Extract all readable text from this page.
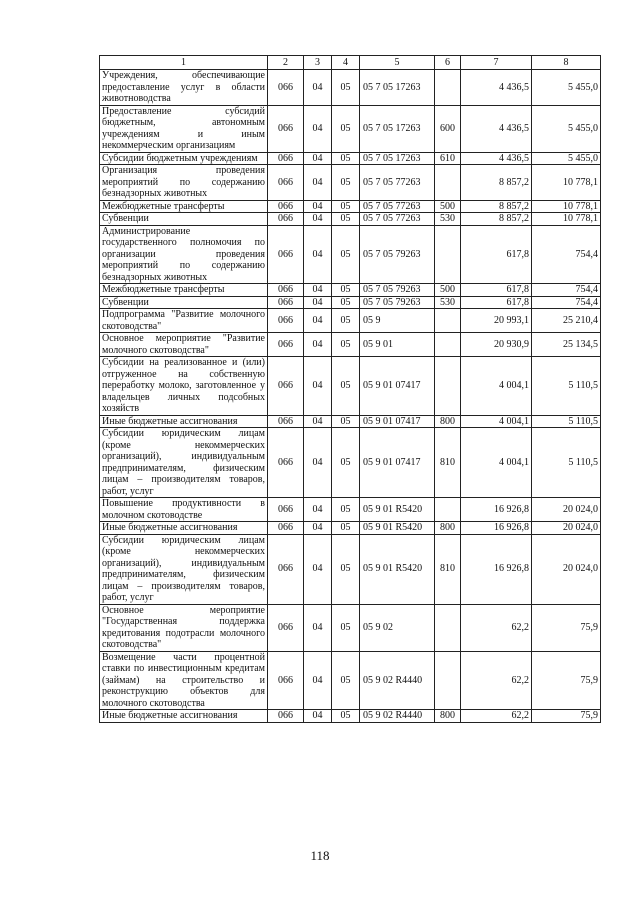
1	2	3	4	5	6	7	8
Учреждения, обеспечивающие предоставление услуг в области животноводства	066	04	05	05 7 05 17263		4 436,5	5 455,0
Предоставление субсидий бюджетным, автономным учреждениям и иным некоммерческим организациям	066	04	05	05 7 05 17263	600	4 436,5	5 455,0
Субсидии бюджетным учреждениям	066	04	05	05 7 05 17263	610	4 436,5	5 455,0
Организация проведения мероприятий по содержанию безнадзорных животных	066	04	05	05 7 05 77263		8 857,2	10 778,1
Межбюджетные трансферты	066	04	05	05 7 05 77263	500	8 857,2	10 778,1
Субвенции	066	04	05	05 7 05 77263	530	8 857,2	10 778,1
Администрирование государственного полномочия по организации проведения мероприятий по содержанию безнадзорных животных	066	04	05	05 7 05 79263		617,8	754,4
Межбюджетные трансферты	066	04	05	05 7 05 79263	500	617,8	754,4
Субвенции	066	04	05	05 7 05 79263	530	617,8	754,4
Подпрограмма "Развитие молочного скотоводства"	066	04	05	05 9		20 993,1	25 210,4
Основное мероприятие "Развитие молочного скотоводства"	066	04	05	05 9 01		20 930,9	25 134,5
Субсидии на реализованное и (или) отгруженное на собственную переработку молоко, заготовленное у владельцев личных подсобных хозяйств	066	04	05	05 9 01 07417		4 004,1	5 110,5
Иные бюджетные ассигнования	066	04	05	05 9 01 07417	800	4 004,1	5 110,5
Субсидии юридическим лицам (кроме некоммерческих организаций), индивидуальным предпринимателям, физическим лицам – производителям товаров, работ, услуг	066	04	05	05 9 01 07417	810	4 004,1	5 110,5
Повышение продуктивности в молочном скотоводстве	066	04	05	05 9 01 R5420		16 926,8	20 024,0
Иные бюджетные ассигнования	066	04	05	05 9 01 R5420	800	16 926,8	20 024,0
Субсидии юридическим лицам (кроме некоммерческих организаций), индивидуальным предпринимателям, физическим лицам – производителям товаров, работ, услуг	066	04	05	05 9 01 R5420	810	16 926,8	20 024,0
Основное мероприятие "Государственная поддержка кредитования подотрасли молочного скотоводства"	066	04	05	05 9 02		62,2	75,9
Возмещение части процентной ставки по инвестиционным кредитам (займам) на строительство и реконструкцию объектов для молочного скотоводства	066	04	05	05 9 02 R4440		62,2	75,9
Иные бюджетные ассигнования	066	04	05	05 9 02 R4440	800	62,2	75,9
118
